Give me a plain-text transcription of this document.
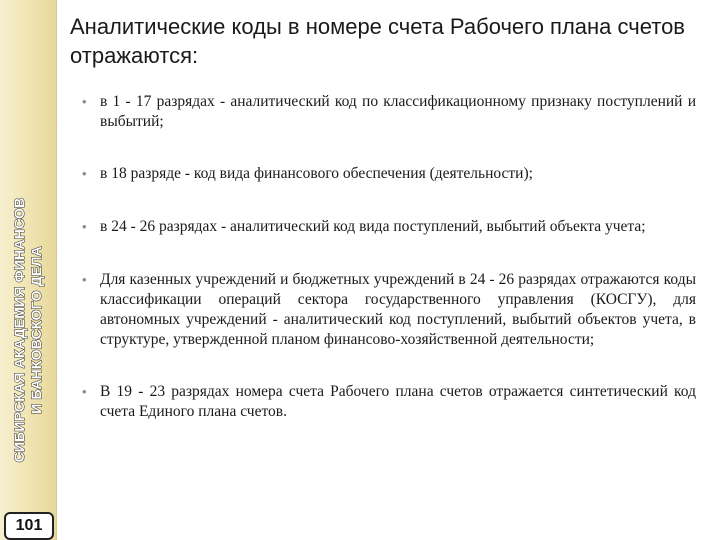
СИБИРСКАЯ АКАДЕМИЯ ФИНАНСОВ И БАНКОВСКОГО ДЕЛА
101
Аналитические коды в номере счета Рабочего плана счетов отражаются:
• в 1 - 17 разрядах - аналитический код по классификационному признаку поступлений и выбытий;
• в 18 разряде - код вида финансового обеспечения (деятельности);
• в 24 - 26 разрядах - аналитический код вида поступлений, выбытий объекта учета;
• Для казенных учреждений и бюджетных учреждений в 24 - 26 разрядах отражаются коды классификации операций сектора государственного управления (КОСГУ), для автономных учреждений - аналитический код поступлений, выбытий объектов учета, в структуре, утвержденной планом финансово-хозяйственной деятельности;
• В 19 - 23 разрядах номера счета Рабочего плана счетов отражается синтетический код счета Единого плана счетов.
